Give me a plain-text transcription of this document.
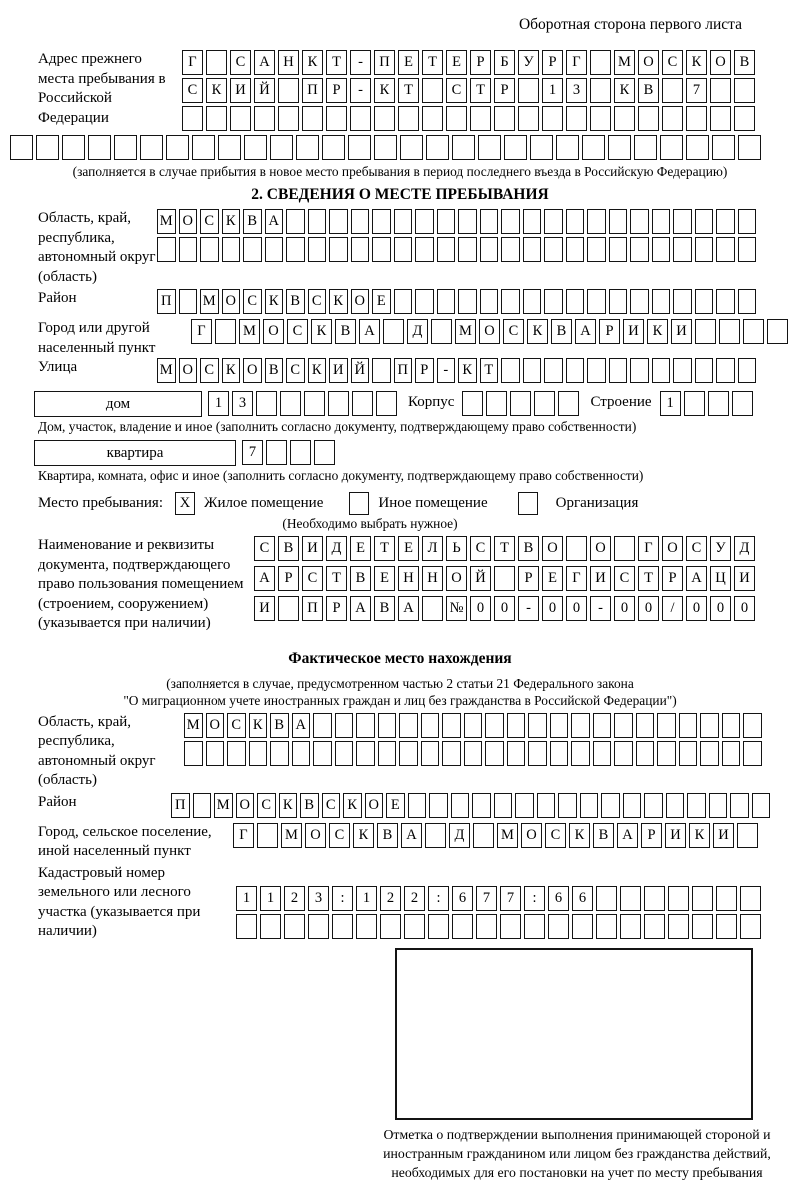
Оборотная сторона первого листа
Адрес прежнего места пребывания в Российской Федерации
Г	С А Н К	Т	-	П Е	Т	Е	Р	Б	У	Р	Г	М О С К О В
С К И Й	П	Р	-	К	Т	С	Т	Р	1	3	К В	7
(заполняется в случае прибытия в новое место пребывания в период последнего въезда в Российскую Федерацию)
2. СВЕДЕНИЯ О МЕСТЕ ПРЕБЫВАНИЯ
Область, край, республика, автономный округ (область)
М О С К В А
Район	П М О С К В С К О Е
Город или другой населенный пункт
Г	М О С К В А	Д	М О С К В А	Р	И К И
Улица	М О С К О В С К И Й П Р	- К Т
дом	1	3	Корпус	Строение	1
Дом, участок, владение и иное (заполнить согласно документу, подтверждающему право собственности)
квартира	7
Квартира, комната, офис и иное (заполнить согласно документу, подтверждающему право собственности)
Место пребывания:	X Жилое помещение	Иное помещение	Организация
(Необходимо выбрать нужное)
Наименование и реквизиты документа, подтверждающего право пользования помещением (строением, сооружением) (указывается при наличии)
С В И Д	Е	Т	Е	Л	Ь	С	Т	В О	О	Г	О С У Д
А	Р	С	Т	В	Е Н Н О Й	Р	Е	Г	И С	Т	Р	А Ц И
И	П	Р	А В А	№ 0	0	-	0	0	-	0	0	/	0	0	0
Фактическое место нахождения
(заполняется в случае, предусмотренном частью 2 статьи 21 Федерального закона
"О миграционном учете иностранных граждан и лиц без гражданства в Российской Федерации")
Область, край, республика, автономный округ (область)
М О С К В А
Район	П М О С К В С К О Е
Город, сельское поселение, иной населенный пункт
Г	М О С К В А	Д	М О С К В А	Р	И К И
Кадастровый номер земельного или лесного участка (указывается при наличии)
1	1	2	3	:	1	2	2	:	6	7	7	:	6	6
Отметка о подтверждении выполнения принимающей стороной и иностранным гражданином или лицом без гражданства действий, необходимых для его постановки на учет по месту пребывания
